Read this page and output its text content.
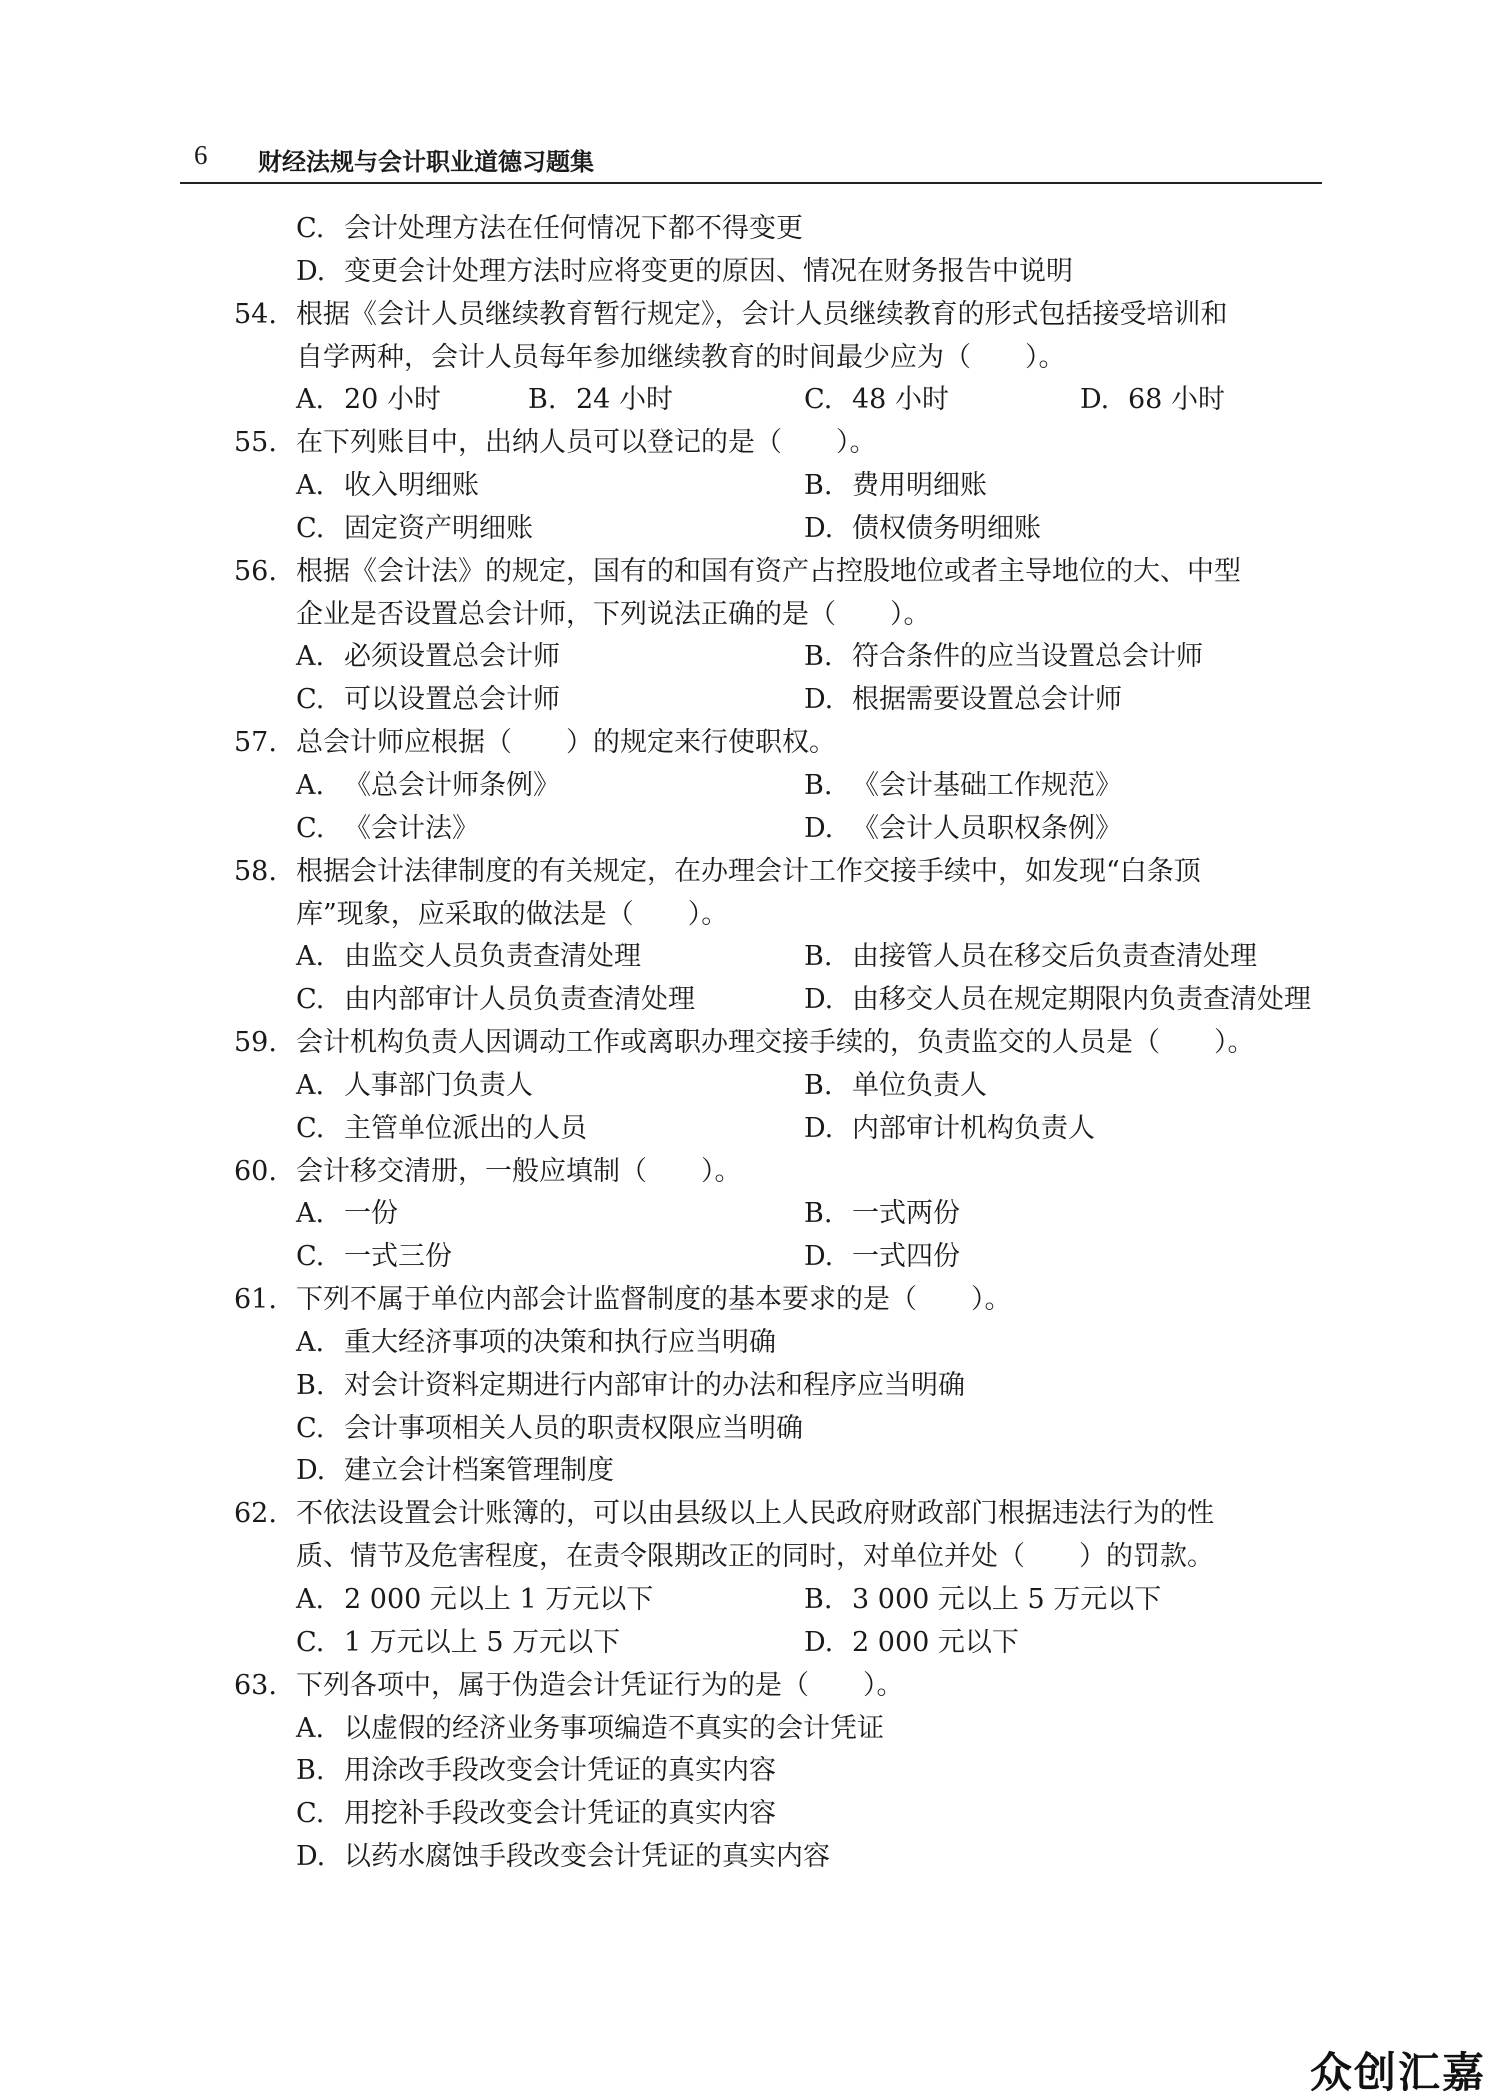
6 财经法规与会计职业道德习题集
C. 会计处理方法在任何情况下都不得变更
D. 变更会计处理方法时应将变更的原因、情况在财务报告中说明
54. 根据《会计人员继续教育暂行规定》，会计人员继续教育的形式包括接受培训和
自学两种，会计人员每年参加继续教育的时间最少应为（　　）。
A. 20 小时	B. 24 小时	C. 48 小时	D. 68 小时
55. 在下列账目中，出纳人员可以登记的是（　　）。
A. 收入明细账	B. 费用明细账
C. 固定资产明细账	D. 债权债务明细账
56. 根据《会计法》的规定，国有的和国有资产占控股地位或者主导地位的大、中型
企业是否设置总会计师，下列说法正确的是（　　）。
A. 必须设置总会计师	B. 符合条件的应当设置总会计师
C. 可以设置总会计师	D. 根据需要设置总会计师
57. 总会计师应根据（　　）的规定来行使职权。
A. 《总会计师条例》	B. 《会计基础工作规范》
C. 《会计法》	D. 《会计人员职权条例》
58. 根据会计法律制度的有关规定，在办理会计工作交接手续中，如发现“白条顶
库”现象，应采取的做法是（　　）。
A. 由监交人员负责查清处理	B. 由接管人员在移交后负责查清处理
C. 由内部审计人员负责查清处理	D. 由移交人员在规定期限内负责查清处理
59. 会计机构负责人因调动工作或离职办理交接手续的，负责监交的人员是（　　）。
A. 人事部门负责人	B. 单位负责人
C. 主管单位派出的人员	D. 内部审计机构负责人
60. 会计移交清册，一般应填制（　　）。
A. 一份	B. 一式两份
C. 一式三份	D. 一式四份
61. 下列不属于单位内部会计监督制度的基本要求的是（　　）。
A. 重大经济事项的决策和执行应当明确
B. 对会计资料定期进行内部审计的办法和程序应当明确
C. 会计事项相关人员的职责权限应当明确
D. 建立会计档案管理制度
62. 不依法设置会计账簿的，可以由县级以上人民政府财政部门根据违法行为的性
质、情节及危害程度，在责令限期改正的同时，对单位并处（　　）的罚款。
A. 2 000 元以上 1 万元以下	B. 3 000 元以上 5 万元以下
C. 1 万元以上 5 万元以下	D. 2 000 元以下
63. 下列各项中，属于伪造会计凭证行为的是（　　）。
A. 以虚假的经济业务事项编造不真实的会计凭证
B. 用涂改手段改变会计凭证的真实内容
C. 用挖补手段改变会计凭证的真实内容
D. 以药水腐蚀手段改变会计凭证的真实内容
众创汇嘉
